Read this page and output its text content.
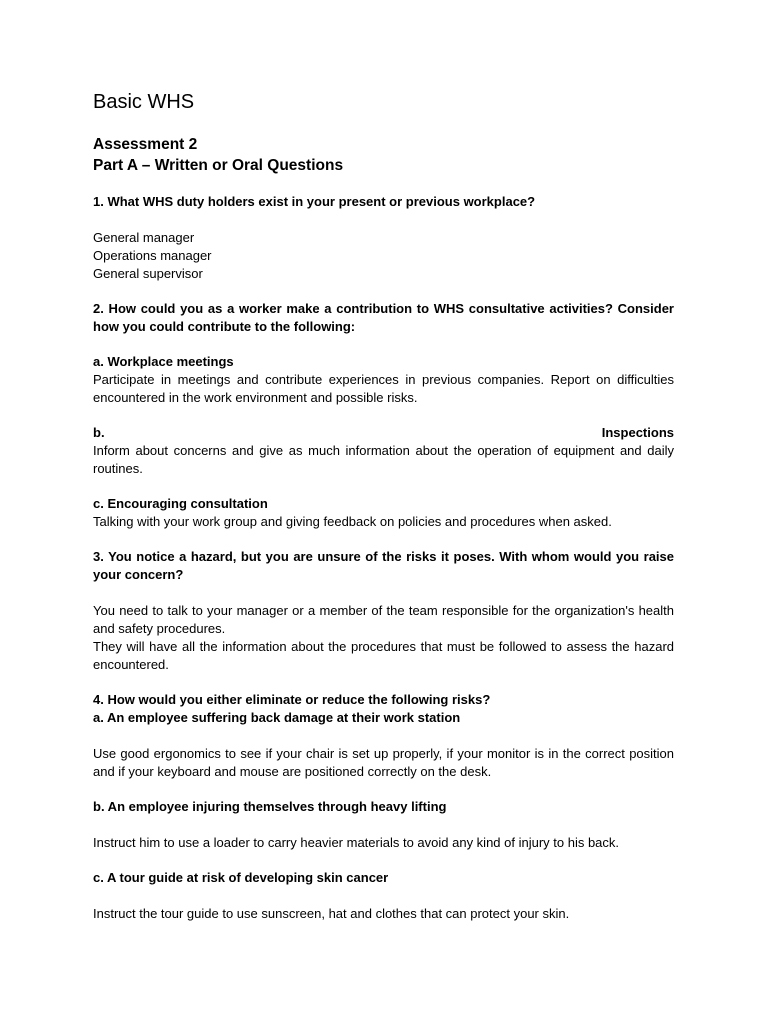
Basic WHS

Assessment 2

Part A – Written or Oral Questions

1. What WHS duty holders exist in your present or previous workplace?

General manager

Operations manager

General supervisor

2. How could you as a worker make a contribution to WHS consultative activities? Consider how you could contribute to the following:

a. Workplace meetings

Participate in meetings and contribute experiences in previous companies. Report on difficulties encountered in the work environment and possible risks.

b.	Inspections

Inform about concerns and give as much information about the operation of equipment and daily routines.

c. Encouraging consultation

Talking with your work group and giving feedback on policies and procedures when asked.

3. You notice a hazard, but you are unsure of the risks it poses. With whom would you raise your concern?

You need to talk to your manager or a member of the team responsible for the organization's health and safety procedures.

They will have all the information about the procedures that must be followed to assess the hazard encountered.

4. How would you either eliminate or reduce the following risks?

a. An employee suffering back damage at their work station

Use good ergonomics to see if your chair is set up properly, if your monitor is in the correct position and if your keyboard and mouse are positioned correctly on the desk.

b. An employee injuring themselves through heavy lifting

Instruct him to use a loader to carry heavier materials to avoid any kind of injury to his back.

c. A tour guide at risk of developing skin cancer

Instruct the tour guide to use sunscreen, hat and clothes that can protect your skin.
